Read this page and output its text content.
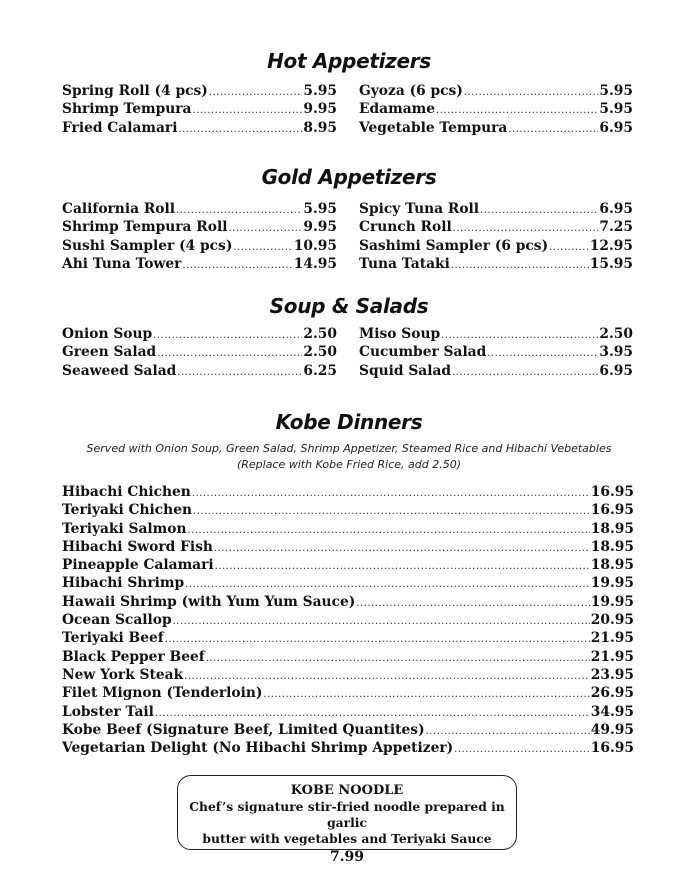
Hot Appetizers
Spring Roll (4 pcs) .....	5.95
Shrimp Tempura .....	9.95
Fried Calamari .....	8.95
Gyoza (6 pcs) .....	5.95
Edamame .....	5.95
Vegetable Tempura .....	6.95
Gold Appetizers
California Roll .....	5.95
Shrimp Tempura Roll .....	9.95
Sushi Sampler (4 pcs) .....	10.95
Ahi Tuna Tower .....	14.95
Spicy Tuna Roll .....	6.95
Crunch Roll .....	7.25
Sashimi Sampler (6 pcs) .....	12.95
Tuna Tataki .....	15.95
Soup & Salads
Onion Soup .....	2.50
Green Salad .....	2.50
Seaweed Salad .....	6.25
Miso Soup .....	2.50
Cucumber Salad .....	3.95
Squid Salad .....	6.95
Kobe Dinners
Served with Onion Soup, Green Salad, Shrimp Appetizer, Steamed Rice and Hibachi Vebetables
(Replace with Kobe Fried Rice, add 2.50)
Hibachi Chichen .....	16.95
Teriyaki Chichen .....	16.95
Teriyaki Salmon .....	18.95
Hibachi Sword Fish .....	18.95
Pineapple Calamari .....	18.95
Hibachi Shrimp .....	19.95
Hawaii Shrimp (with Yum Yum Sauce) .....	19.95
Ocean Scallop .....	20.95
Teriyaki Beef .....	21.95
Black Pepper Beef .....	21.95
New York Steak .....	23.95
Filet Mignon (Tenderloin) .....	26.95
Lobster Tail .....	34.95
Kobe Beef (Signature Beef, Limited Quantites) .....	49.95
Vegetarian Delight (No Hibachi Shrimp Appetizer) .....	16.95
KOBE NOODLE
Chef’s signature stir-fried noodle prepared in garlic
butter with vegetables and Teriyaki Sauce
7.99
